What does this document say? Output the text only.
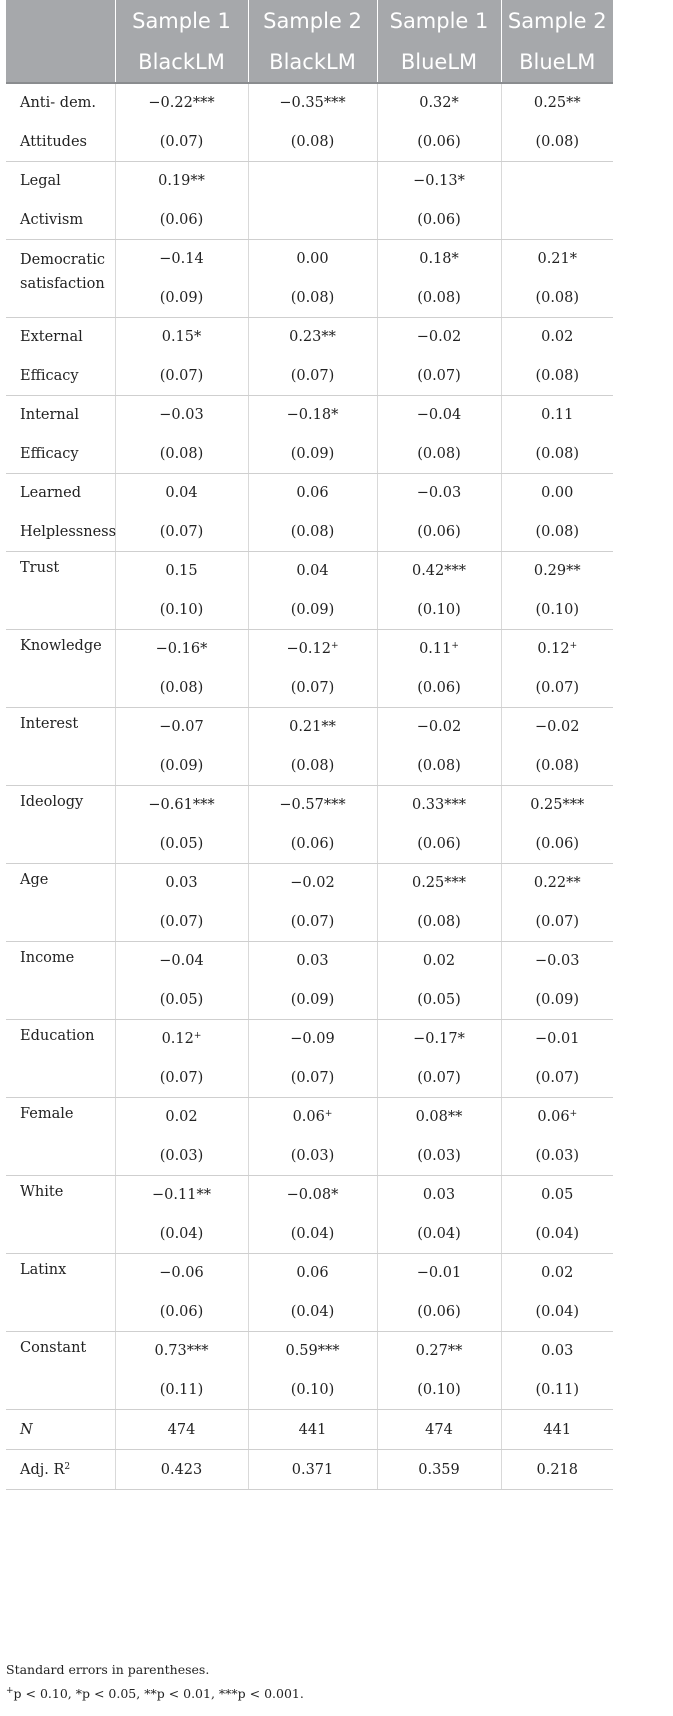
	Sample 1	Sample 2	Sample 1	Sample 2
	BlackLM	BlackLM	BlueLM	BlueLM
Anti- dem.	−0.22***	−0.35***	0.32*	0.25**
Attitudes	(0.07)	(0.08)	(0.06)	(0.08)
Legal	0.19**		−0.13*	
Activism	(0.06)		(0.06)	
Democratic
satisfaction	−0.14	0.00	0.18*	0.21*
	(0.09)	(0.08)	(0.08)	(0.08)
External	0.15*	0.23**	−0.02	0.02
Efficacy	(0.07)	(0.07)	(0.07)	(0.08)
Internal	−0.03	−0.18*	−0.04	0.11
Efficacy	(0.08)	(0.09)	(0.08)	(0.08)
Learned	0.04	0.06	−0.03	0.00
Helplessness	(0.07)	(0.08)	(0.06)	(0.08)
Trust	0.15	0.04	0.42***	0.29**
	(0.10)	(0.09)	(0.10)	(0.10)
Knowledge	−0.16*	−0.12+	0.11+	0.12+
	(0.08)	(0.07)	(0.06)	(0.07)
Interest	−0.07	0.21**	−0.02	−0.02
	(0.09)	(0.08)	(0.08)	(0.08)
Ideology	−0.61***	−0.57***	0.33***	0.25***
	(0.05)	(0.06)	(0.06)	(0.06)
Age	0.03	−0.02	0.25***	0.22**
	(0.07)	(0.07)	(0.08)	(0.07)
Income	−0.04	0.03	0.02	−0.03
	(0.05)	(0.09)	(0.05)	(0.09)
Education	0.12+	−0.09	−0.17*	−0.01
	(0.07)	(0.07)	(0.07)	(0.07)
Female	0.02	0.06+	0.08**	0.06+
	(0.03)	(0.03)	(0.03)	(0.03)
White	−0.11**	−0.08*	0.03	0.05
	(0.04)	(0.04)	(0.04)	(0.04)
Latinx	−0.06	0.06	−0.01	0.02
	(0.06)	(0.04)	(0.06)	(0.04)
Constant	0.73***	0.59***	0.27**	0.03
	(0.11)	(0.10)	(0.10)	(0.11)
N	474	441	474	441
Adj. $R^2$	0.423	0.371	0.359	0.218
Standard errors in parentheses.
+p < 0.10, *p < 0.05, **p < 0.01, ***p < 0.001.
